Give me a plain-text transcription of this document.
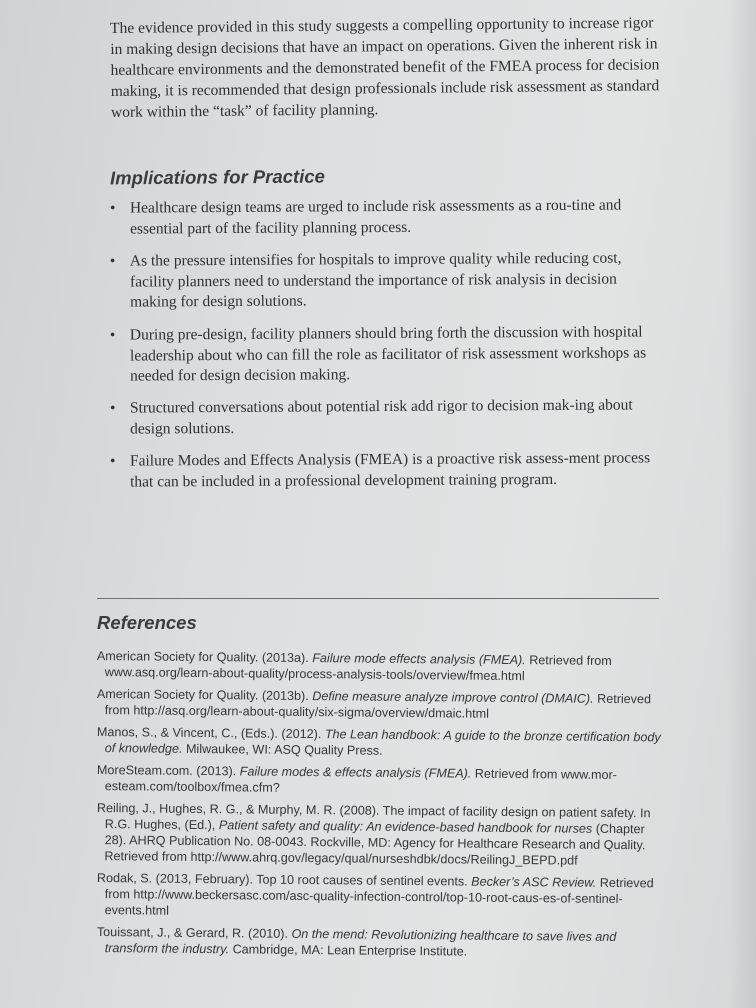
The evidence provided in this study suggests a compelling opportunity to increase rigor in making design decisions that have an impact on operations. Given the inherent risk in healthcare environments and the demonstrated benefit of the FMEA process for decision making, it is recommended that design professionals include risk assessment as standard work within the “task” of facility planning.

Implications for Practice
• Healthcare design teams are urged to include risk assessments as a rou-tine and essential part of the facility planning process.
• As the pressure intensifies for hospitals to improve quality while reducing cost, facility planners need to understand the importance of risk analysis in decision making for design solutions.
• During pre-design, facility planners should bring forth the discussion with hospital leadership about who can fill the role as facilitator of risk assessment workshops as needed for design decision making.
• Structured conversations about potential risk add rigor to decision mak-ing about design solutions.
• Failure Modes and Effects Analysis (FMEA) is a proactive risk assess-ment process that can be included in a professional development training program.
References

American Society for Quality. (2013a). Failure mode effects analysis (FMEA). Retrieved from www.asq.org/learn-about-quality/process-analysis-tools/overview/fmea.html

American Society for Quality. (2013b). Define measure analyze improve control (DMAIC). Retrieved from http://asq.org/learn-about-quality/six-sigma/overview/dmaic.html

Manos, S., & Vincent, C., (Eds.). (2012). The Lean handbook: A guide to the bronze certification body of knowledge. Milwaukee, WI: ASQ Quality Press.

MoreSteam.com. (2013). Failure modes & effects analysis (FMEA). Retrieved from www.mor-esteam.com/toolbox/fmea.cfm?

Reiling, J., Hughes, R. G., & Murphy, M. R. (2008). The impact of facility design on patient safety. In R.G. Hughes, (Ed.), Patient safety and quality: An evidence-based handbook for nurses (Chapter 28). AHRQ Publication No. 08-0043. Rockville, MD: Agency for Healthcare Research and Quality. Retrieved from http://www.ahrq.gov/legacy/qual/nurseshdbk/docs/ReilingJ_BEPD.pdf

Rodak, S. (2013, February). Top 10 root causes of sentinel events. Becker’s ASC Review. Retrieved from http://www.beckersasc.com/asc-quality-infection-control/top-10-root-caus-es-of-sentinel-events.html

Touissant, J., & Gerard, R. (2010). On the mend: Revolutionizing healthcare to save lives and transform the industry. Cambridge, MA: Lean Enterprise Institute.
